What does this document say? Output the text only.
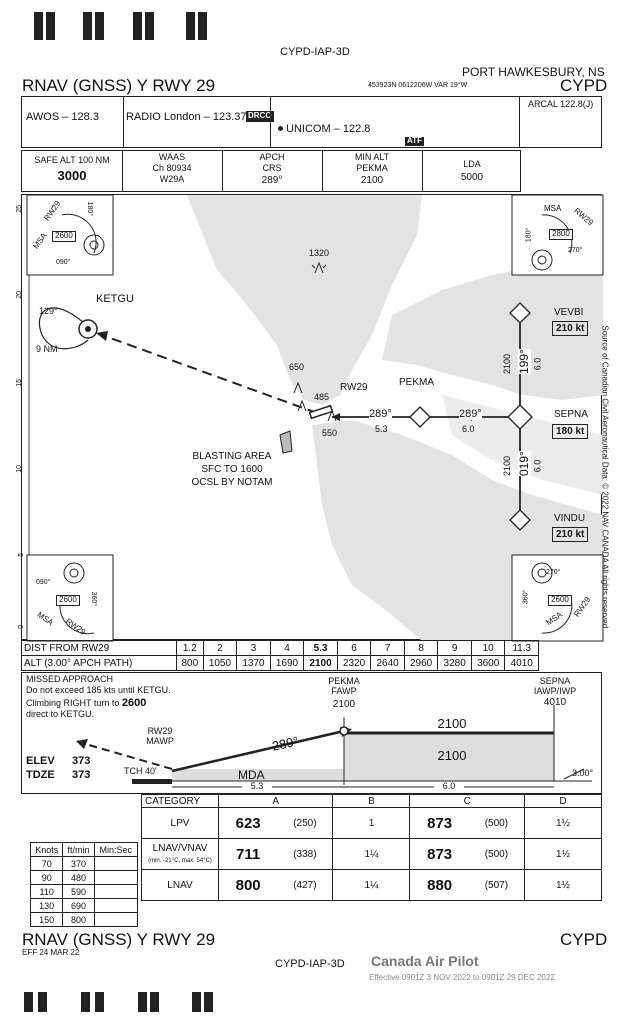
CYPD-IAP-3D
RNAV (GNSS) Y RWY 29
PORT HAWKESBURY, NS
453923N 0612206W VAR 19°W	CYPD
AWOS – 128.3 RADIO London – 123.37 DRCO
UNICOM – 122.8
ATF
ARCAL 122.8(J)
SAFE ALT 100 NM
3000
WAAS
Ch 80934
W29A
APCH
CRS
289°
MIN ALT
PEKMA
2100
LDA
5000
25
20
15
10
5
0
RW29
MSA
180°
090°
2600
MSA RW29
2800
270°
180°
090°
360°
2600
MSA RW29
270°
360°	2600
MSA
RW29
KETGU
129°
9 NM
1320
650
485
550
RW29	PEKMA
289°
5.3
289°
6.0
VEVBI
210 kt
SEPNA
180 kt
VINDU
210 kt
2100 199° 6.0
2100 019° 6.0
BLASTING AREA
SFC TO 1600
OCSL BY NOTAM	Source of Canadian Civil Aeronautical Data: © 2022 NAV CANADA All rights reserved
DIST FROM RW29	1.2	2	3	4	5.3	6	7	8	9	10	11.3
ALT (3.00° APCH PATH)	800	1050	1370	1690	2100	2320	2640	2960	3280	3600	4010
MISSED APPROACH
Do not exceed 185 kts until KETGU.
Climbing RIGHT turn to 2600
direct to KETGU.
PEKMA
FAWP
2100
SEPNA
IAWP/IWP
4010
2100
2100
289°
RW29
MAWP
ELEV 373
TDZE 373	TCH 40'	MDA
5.3	6.0
3.00°
CATEGORY	A		B	C		D
LPV	623	(250)	1	873	(500)	1½
LNAV/VNAV
(min. -21°C, max. 54°C)	711	(338)	1¼	873	(500)	1½
LNAV	800	(427)	1¼	880	(507)	1½
Knots	ft/min	Min:Sec
70	370	
90	480	
110	590	
130	690	
150	800	
RNAV (GNSS) Y RWY 29
EFF 24 MAR 22
CYPD-IAP-3D Canada Air Pilot
Effective 0901Z 3 NOV 2022 to 0901Z 29 DEC 2022
CYPD
